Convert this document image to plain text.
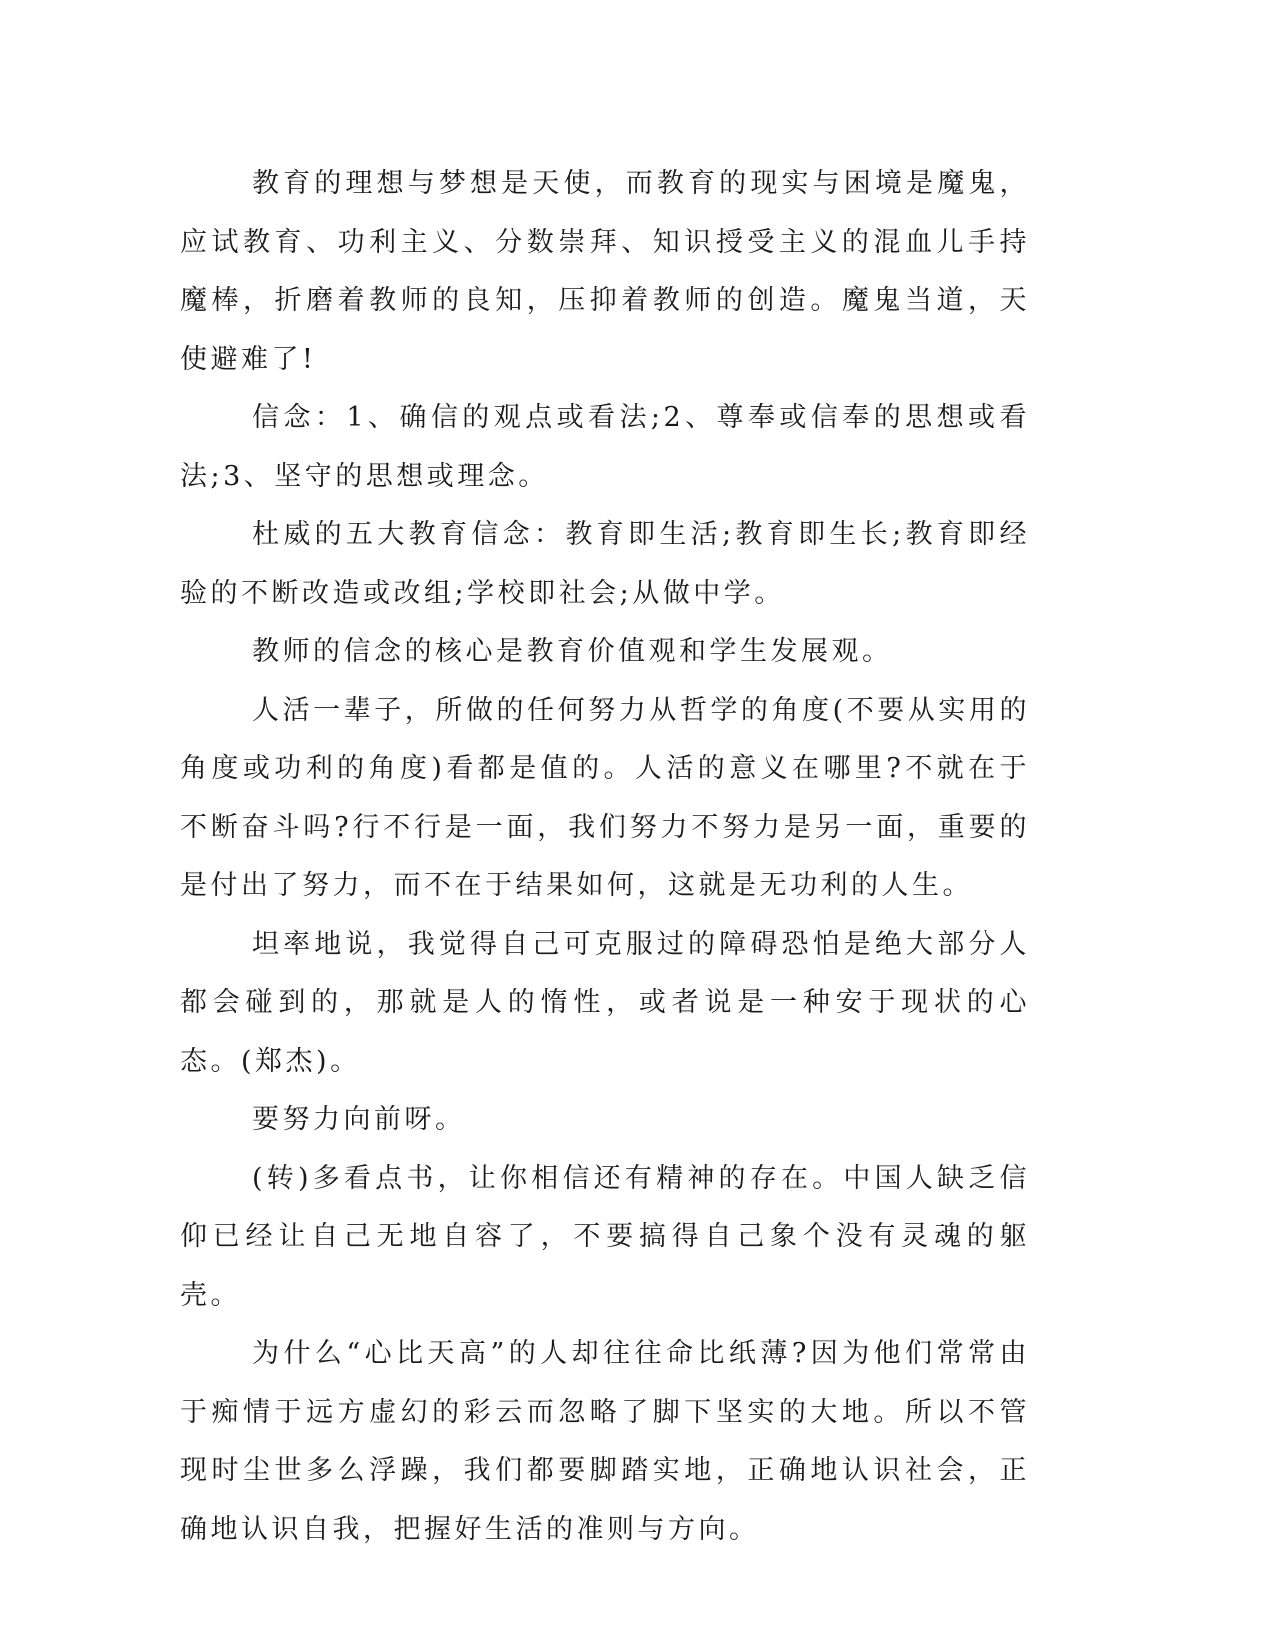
教育的理想与梦想是天使，而教育的现实与困境是魔鬼，应试教育、功利主义、分数崇拜、知识授受主义的混血儿手持魔棒，折磨着教师的良知，压抑着教师的创造。魔鬼当道，天使避难了!

信念：1、确信的观点或看法;2、尊奉或信奉的思想或看法;3、坚守的思想或理念。

杜威的五大教育信念：教育即生活;教育即生长;教育即经验的不断改造或改组;学校即社会;从做中学。

教师的信念的核心是教育价值观和学生发展观。

人活一辈子，所做的任何努力从哲学的角度(不要从实用的角度或功利的角度)看都是值的。人活的意义在哪里?不就在于不断奋斗吗?行不行是一面，我们努力不努力是另一面，重要的是付出了努力，而不在于结果如何，这就是无功利的人生。

坦率地说，我觉得自己可克服过的障碍恐怕是绝大部分人都会碰到的，那就是人的惰性，或者说是一种安于现状的心态。(郑杰)。

要努力向前呀。

(转)多看点书，让你相信还有精神的存在。中国人缺乏信仰已经让自己无地自容了，不要搞得自己象个没有灵魂的躯壳。

为什么“心比天高”的人却往往命比纸薄?因为他们常常由于痴情于远方虚幻的彩云而忽略了脚下坚实的大地。所以不管现时尘世多么浮躁，我们都要脚踏实地，正确地认识社会，正确地认识自我，把握好生活的准则与方向。
